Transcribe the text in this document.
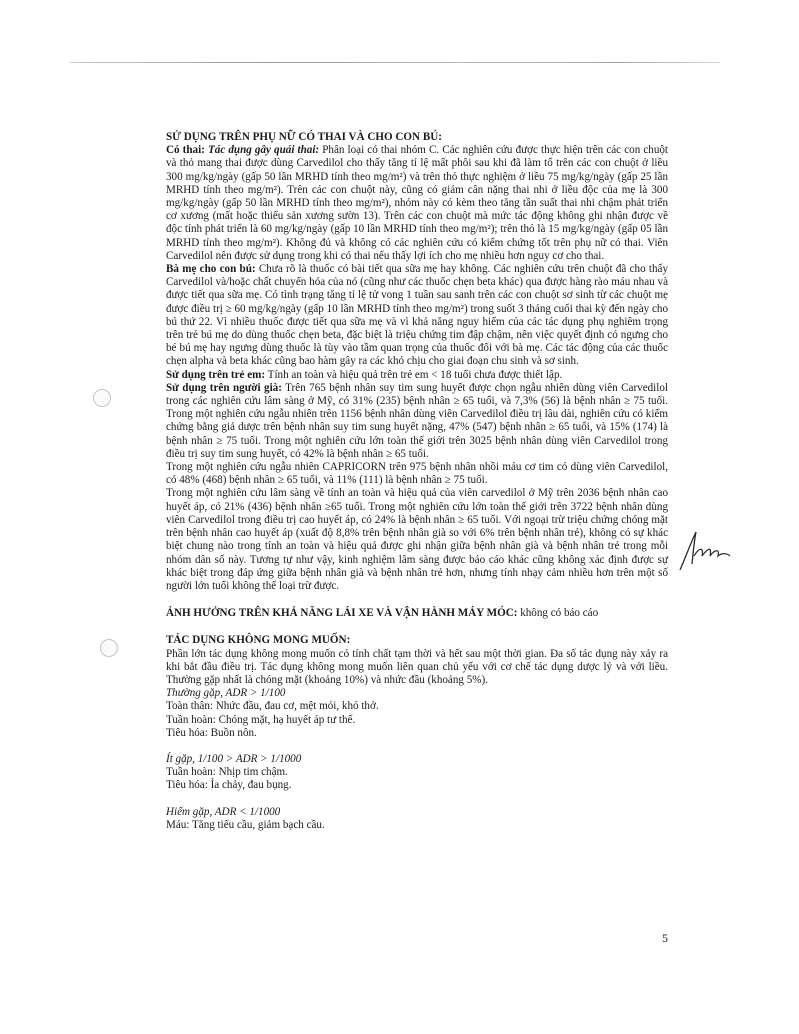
SỬ DỤNG TRÊN PHỤ NỮ CÓ THAI VÀ CHO CON BÚ:

Có thai: Tác dụng gây quái thai: Phân loại có thai nhóm C. Các nghiên cứu được thực hiện trên các con chuột và thỏ mang thai được dùng Carvedilol cho thấy tăng tỉ lệ mất phôi sau khi đã làm tổ trên các con chuột ở liều 300 mg/kg/ngày (gấp 50 lần MRHD tính theo mg/m²) và trên thỏ thực nghiệm ở liều 75 mg/kg/ngày (gấp 25 lần MRHD tính theo mg/m²). Trên các con chuột này, cũng có giảm cân nặng thai nhi ở liều độc của mẹ là 300 mg/kg/ngày (gấp 50 lần MRHD tính theo mg/m²), nhóm này có kèm theo tăng tần suất thai nhi chậm phát triển cơ xương (mất hoặc thiểu sản xương sườn 13). Trên các con chuột mà mức tác động không ghi nhận được về độc tính phát triển là 60 mg/kg/ngày (gấp 10 lần MRHD tính theo mg/m²); trên thỏ là 15 mg/kg/ngày (gấp 05 lần MRHD tính theo mg/m²). Không đủ và không có các nghiên cứu có kiểm chứng tốt trên phụ nữ có thai. Viên Carvedilol nên được sử dụng trong khi có thai nếu thấy lợi ích cho mẹ nhiều hơn nguy cơ cho thai.

Bà mẹ cho con bú: Chưa rõ là thuốc có bài tiết qua sữa mẹ hay không. Các nghiên cứu trên chuột đã cho thấy Carvedilol và/hoặc chất chuyển hóa của nó (cũng như các thuốc chẹn beta khác) qua được hàng rào máu nhau và được tiết qua sữa mẹ. Có tình trạng tăng tỉ lệ tử vong 1 tuần sau sanh trên các con chuột sơ sinh từ các chuột mẹ được điều trị ≥ 60 mg/kg/ngày (gấp 10 lần MRHD tính theo mg/m²) trong suốt 3 tháng cuối thai kỳ đến ngày cho bú thứ 22. Vì nhiều thuốc được tiết qua sữa mẹ và vì khả năng nguy hiểm của các tác dụng phụ nghiêm trọng trên trẻ bú mẹ do dùng thuốc chẹn beta, đặc biệt là triệu chứng tim đập chậm, nên việc quyết định có ngưng cho bé bú mẹ hay ngưng dùng thuốc là tùy vào tầm quan trọng của thuốc đối với bà mẹ. Các tác động của các thuốc chẹn alpha và beta khác cũng bao hàm gây ra các khó chịu cho giai đoạn chu sinh và sơ sinh.

Sử dụng trên trẻ em: Tính an toàn và hiệu quả trên trẻ em < 18 tuổi chưa được thiết lập.

Sử dụng trên người già: Trên 765 bệnh nhân suy tim sung huyết được chọn ngẫu nhiên dùng viên Carvedilol trong các nghiên cứu lâm sàng ở Mỹ, có 31% (235) bệnh nhân ≥ 65 tuổi, và 7,3% (56) là bệnh nhân ≥ 75 tuổi. Trong một nghiên cứu ngẫu nhiên trên 1156 bệnh nhân dùng viên Carvedilol điều trị lâu dài, nghiên cứu có kiểm chứng bằng giả dược trên bệnh nhân suy tim sung huyết nặng, 47% (547) bệnh nhân ≥ 65 tuổi, và 15% (174) là bệnh nhân ≥ 75 tuổi. Trong một nghiên cứu lớn toàn thế giới trên 3025 bệnh nhân dùng viên Carvedilol trong điều trị suy tim sung huyết, có 42% là bệnh nhân ≥ 65 tuổi.

Trong một nghiên cứu ngẫu nhiên CAPRICORN trên 975 bệnh nhân nhồi máu cơ tim có dùng viên Carvedilol, có 48% (468) bệnh nhân ≥ 65 tuổi, và 11% (111) là bệnh nhân ≥ 75 tuổi.

Trong một nghiên cứu lâm sàng về tính an toàn và hiệu quả của viên carvedilol ở Mỹ trên 2036 bệnh nhân cao huyết áp, có 21% (436) bệnh nhân ≥65 tuổi. Trong một nghiên cứu lớn toàn thế giới trên 3722 bệnh nhân dùng viên Carvedilol trong điều trị cao huyết áp, có 24% là bệnh nhân ≥ 65 tuổi. Với ngoại trừ triệu chứng chóng mặt trên bệnh nhân cao huyết áp (xuất độ 8,8% trên bệnh nhân già so với 6% trên bệnh nhân trẻ), không có sự khác biệt chung nào trong tính an toàn và hiệu quả được ghi nhận giữa bệnh nhân già và bệnh nhân trẻ trong mỗi nhóm dân số này. Tương tự như vậy, kinh nghiệm lâm sàng được báo cáo khác cũng không xác định được sự khác biệt trong đáp ứng giữa bệnh nhân già và bệnh nhân trẻ hơn, nhưng tính nhạy cảm nhiều hơn trên một số người lớn tuổi không thể loại trừ được.

ẢNH HƯỞNG TRÊN KHẢ NĂNG LÁI XE VÀ VẬN HÀNH MÁY MÓC: không có báo cáo

TÁC DỤNG KHÔNG MONG MUỐN:

Phần lớn tác dụng không mong muốn có tính chất tạm thời và hết sau một thời gian. Đa số tác dụng này xảy ra khi bắt đầu điều trị. Tác dụng không mong muốn liên quan chủ yếu với cơ chế tác dụng dược lý và với liều. Thường gặp nhất là chóng mặt (khoảng 10%) và nhức đầu (khoảng 5%).

Thường gặp, ADR > 1/100

Toàn thân: Nhức đầu, đau cơ, mệt mỏi, khó thở.

Tuần hoàn: Chóng mặt, hạ huyết áp tư thế.

Tiêu hóa: Buồn nôn.

Ít gặp, 1/100 > ADR > 1/1000

Tuần hoàn: Nhịp tim chậm.

Tiêu hóa: Ỉa chảy, đau bụng.

Hiếm gặp, ADR < 1/1000

Máu: Tăng tiểu cầu, giảm bạch cầu.

5
